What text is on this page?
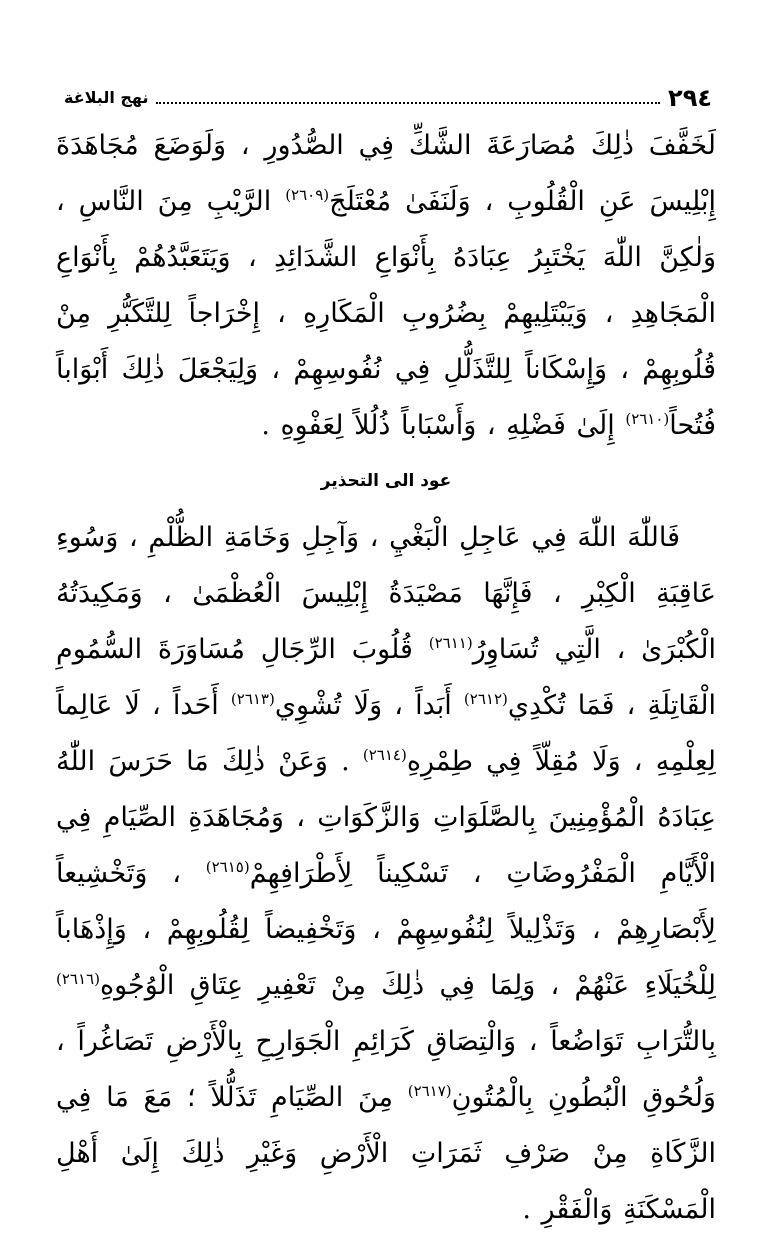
٢٩٤
نهج البلاغة
لَخَفَّفَ ذٰلِكَ مُصَارَعَةَ الشَّكِّ فِي الصُّدُورِ ، وَلَوَضَعَ مُجَاهَدَةَ إِبْلِيسَ عَنِ الْقُلُوبِ ، وَلَنَفَىٰ مُعْتَلَجَ$^{(٢٦٠٩)}$ الرَّيْبِ مِنَ النَّاسِ ، وَلٰكِنَّ اللّٰهَ يَخْتَبِرُ عِبَادَهُ بِأَنْوَاعِ الشَّدَائِدِ ، وَيَتَعَبَّدُهُمْ بِأَنْوَاعِ الْمَجَاهِدِ ، وَيَبْتَلِيهِمْ بِضُرُوبِ الْمَكَارِهِ ، إِخْرَاجاً لِلتَّكَبُّرِ مِنْ قُلُوبِهِمْ ، وَإِسْكَاناً لِلتَّذَلُّلِ فِي نُفُوسِهِمْ ، وَلِيَجْعَلَ ذٰلِكَ أَبْوَاباً فُتُحاً$^{(٢٦١٠)}$ إِلَىٰ فَضْلِهِ ، وَأَسْبَاباً ذُلُلاً لِعَفْوِهِ .
عود الى التحذير
فَاللّٰهَ اللّٰهَ فِي عَاجِلِ الْبَغْيِ ، وَآجِلِ وَخَامَةِ الظُّلْمِ ، وَسُوءِ عَاقِبَةِ الْكِبْرِ ، فَإِنَّهَا مَصْيَدَةُ إِبْلِيسَ الْعُظْمَىٰ ، وَمَكِيدَتُهُ الْكُبْرَىٰ ، الَّتِي تُسَاوِرُ$^{(٢٦١١)}$ قُلُوبَ الرِّجَالِ مُسَاوَرَةَ السُّمُومِ الْقَاتِلَةِ ، فَمَا تُكْدِي$^{(٢٦١٢)}$ أَبَداً ، وَلَا تُشْوِي$^{(٢٦١٣)}$ أَحَداً ، لَا عَالِماً لِعِلْمِهِ ، وَلَا مُقِلّاً فِي طِمْرِهِ$^{(٢٦١٤)}$ . وَعَنْ ذٰلِكَ مَا حَرَسَ اللّٰهُ عِبَادَهُ الْمُؤْمِنِينَ بِالصَّلَوَاتِ وَالزَّكَوَاتِ ، وَمُجَاهَدَةِ الصِّيَامِ فِي الْأَيَّامِ الْمَفْرُوضَاتِ ، تَسْكِيناً لِأَطْرَافِهِمْ$^{(٢٦١٥)}$ ، وَتَخْشِيعاً لِأَبْصَارِهِمْ ، وَتَذْلِيلاً لِنُفُوسِهِمْ ، وَتَخْفِيضاً لِقُلُوبِهِمْ ، وَإِذْهَاباً لِلْخُيَلَاءِ عَنْهُمْ ، وَلِمَا فِي ذٰلِكَ مِنْ تَعْفِيرِ عِتَاقِ الْوُجُوهِ$^{(٢٦١٦)}$ بِالتُّرَابِ تَوَاضُعاً ، وَالْتِصَاقِ كَرَائِمِ الْجَوَارِحِ بِالْأَرْضِ تَصَاغُراً ، وَلُحُوقِ الْبُطُونِ بِالْمُتُونِ$^{(٢٦١٧)}$ مِنَ الصِّيَامِ تَذَلُّلاً ؛ مَعَ مَا فِي الزَّكَاةِ مِنْ صَرْفِ ثَمَرَاتِ الْأَرْضِ وَغَيْرِ ذٰلِكَ إِلَىٰ أَهْلِ الْمَسْكَنَةِ وَالْفَقْرِ .
